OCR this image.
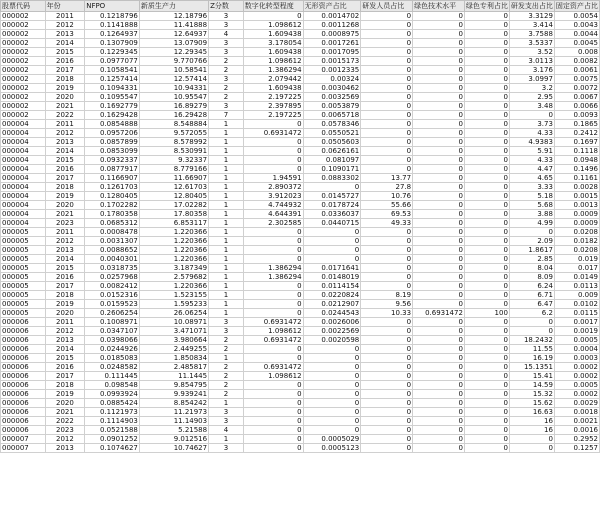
股票代码	年份	NFPO	新质生产力	Z分数	数字化转型程度	无形资产占比	研发人员占比	绿色技术水平	绿色专利占比	研发支出占比	固定资产占比
000002	2011	0.1218796	12.18796	3	0	0.0014702	0	0	0	3.3129	0.0054
000002	2012	0.1141888	11.41888	3	1.098612	0.0011268	0	0	0	3.414	0.0043
000002	2013	0.1264937	12.64937	4	1.609438	0.0008975	0	0	0	3.7588	0.0044
000002	2014	0.1307909	13.07909	3	3.178054	0.0017261	0	0	0	3.5337	0.0045
000002	2015	0.1229345	12.29345	3	1.609438	0.0017095	0	0	0	3.52	0.008
000002	2016	0.0977077	9.770766	2	1.098612	0.0015173	0	0	0	3.0113	0.0082
000002	2017	0.1058541	10.58541	2	1.386294	0.0012335	0	0	0	3.176	0.0061
000002	2018	0.1257414	12.57414	3	2.079442	0.00324	0	0	0	3.0997	0.0075
000002	2019	0.1094331	10.94331	2	1.609438	0.0030462	0	0	0	3.2	0.0072
000002	2020	0.1095547	10.95547	2	2.197225	0.0032569	0	0	0	2.95	0.0067
000002	2021	0.1692779	16.89279	3	2.397895	0.0053879	0	0	0	3.48	0.0066
000002	2022	0.1629428	16.29428	7	2.197225	0.0065718	0	0	0	0	0.0093
000004	2011	0.0854888	8.548884	1	0	0.0578346	0	0	0	3.73	0.1865
000004	2012	0.0957206	9.572055	1	0.6931472	0.0550521	0	0	0	4.33	0.2412
000004	2013	0.0857899	8.578992	1	0	0.0505603	0	0	0	4.9383	0.1697
000004	2014	0.0853099	8.530991	1	0	0.0626161	0	0	0	5.91	0.1118
000004	2015	0.0932337	9.32337	1	0	0.081097	0	0	0	4.33	0.0948
000004	2016	0.0877917	8.779166	1	0	0.1090171	0	0	0	4.47	0.1496
000004	2017	0.1166907	11.66907	1	1.94591	0.0883302	13.77	0	0	4.65	0.1161
000004	2018	0.1261703	12.61703	1	2.890372	0	27.8	0	0	3.33	0.0028
000004	2019	0.1280405	12.80405	1	3.912023	0.0145727	10.76	0	0	5.18	0.0015
000004	2020	0.1702282	17.02282	1	4.744932	0.0178724	55.66	0	0	5.68	0.0013
000004	2021	0.1780358	17.80358	1	4.644391	0.0336037	69.53	0	0	3.88	0.0009
000004	2023	0.0685312	6.853117	1	2.302585	0.0440715	49.33	0	0	4.99	0.0009
000005	2011	0.0008478	1.220366	1	0	0	0	0	0	0	0.0208
000005	2012	0.0031307	1.220366	1	0	0	0	0	0	2.09	0.0182
000005	2013	0.0088652	1.220366	1	0	0	0	0	0	1.8617	0.0208
000005	2014	0.0040301	1.220366	1	0	0	0	0	0	2.85	0.019
000005	2015	0.0318735	3.187349	1	1.386294	0.0171641	0	0	0	8.04	0.017
000005	2016	0.0257968	2.579682	1	1.386294	0.0148019	0	0	0	8.09	0.0149
000005	2017	0.0082412	1.220366	1	0	0.0114154	0	0	0	6.24	0.0113
000005	2018	0.0152316	1.523155	1	0	0.0220824	8.19	0	0	6.71	0.009
000005	2019	0.0159523	1.595233	1	0	0.0212907	9.56	0	0	6.47	0.0102
000005	2020	0.2606254	26.06254	1	0	0.0244543	10.33	0.6931472	100	6.2	0.0115
000006	2011	0.1008971	10.08971	3	0.6931472	0.0026006	0	0	0	0	0.0017
000006	2012	0.0347107	3.471071	3	1.098612	0.0022569	0	0	0	0	0.0019
000006	2013	0.0398066	3.980664	2	0.6931472	0.0020598	0	0	0	18.2432	0.0005
000006	2014	0.0244926	2.449255	2	0	0	0	0	0	11.55	0.0004
000006	2015	0.0185083	1.850834	1	0	0	0	0	0	16.19	0.0003
000006	2016	0.0248582	2.485817	2	0.6931472	0	0	0	0	15.1351	0.0002
000006	2017	0.111445	11.1445	2	1.098612	0	0	0	0	15.41	0.0002
000006	2018	0.098548	9.854795	2	0	0	0	0	0	14.59	0.0005
000006	2019	0.0993924	9.939241	2	0	0	0	0	0	15.32	0.0002
000006	2020	0.0885424	8.854242	1	0	0	0	0	0	15.62	0.0029
000006	2021	0.1121973	11.21973	3	0	0	0	0	0	16.63	0.0018
000006	2022	0.1114903	11.14903	3	0	0	0	0	0	16	0.0021
000006	2023	0.0521588	5.21588	4	0	0	0	0	0	16	0.0016
000007	2012	0.0901252	9.012516	1	0	0.0005029	0	0	0	0	0.2952
000007	2013	0.1074627	10.74627	3	0	0.0005123	0	0	0	0	0.1257
